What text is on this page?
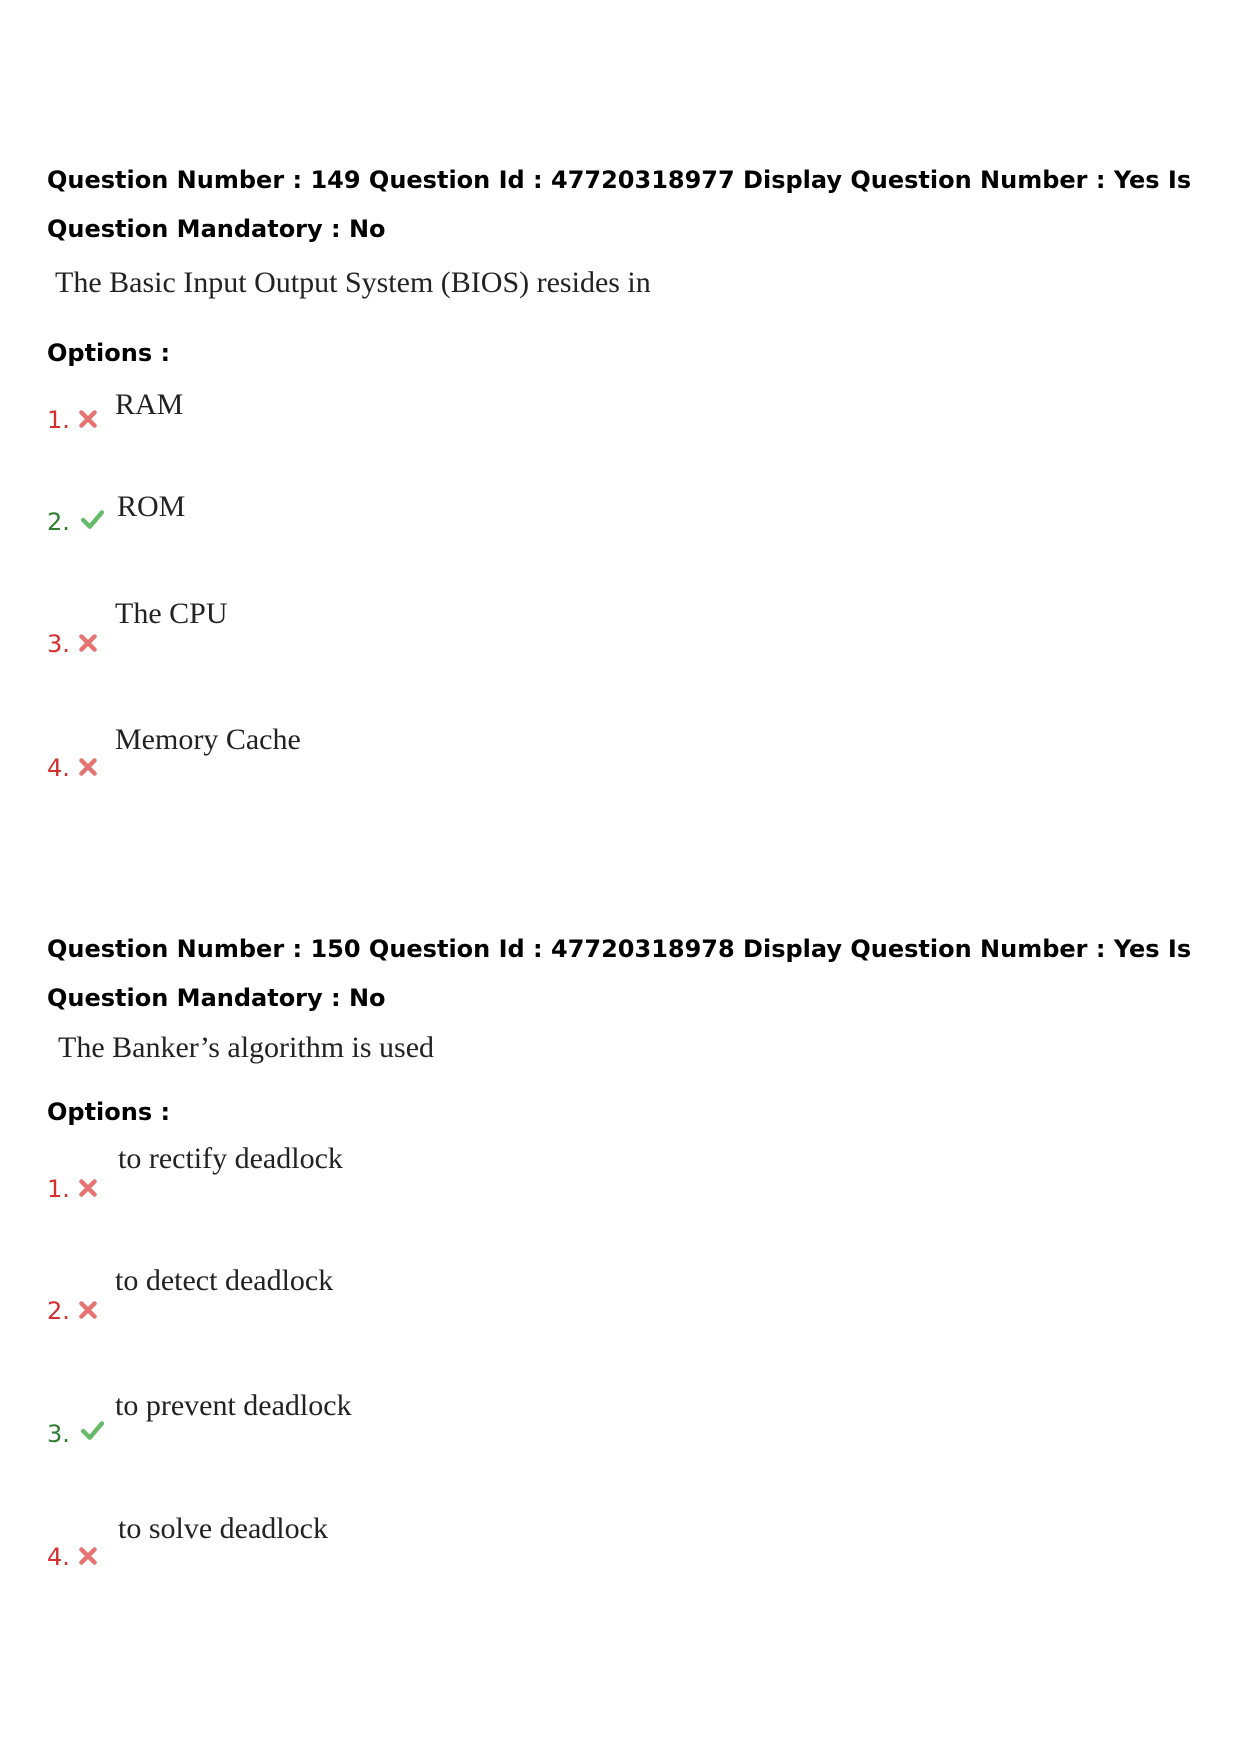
Question Number : 149 Question Id : 47720318977 Display Question Number : Yes Is Question Mandatory : No

The Basic Input Output System (BIOS) resides in

Options :

1. RAM
2. ROM
3.
The CPU
4.
Memory Cache

Question Number : 150 Question Id : 47720318978 Display Question Number : Yes Is Question Mandatory : No

The Banker’s algorithm is used

Options :

1.
to rectify deadlock
2.
to detect deadlock
3.
to prevent deadlock
4.
to solve deadlock
